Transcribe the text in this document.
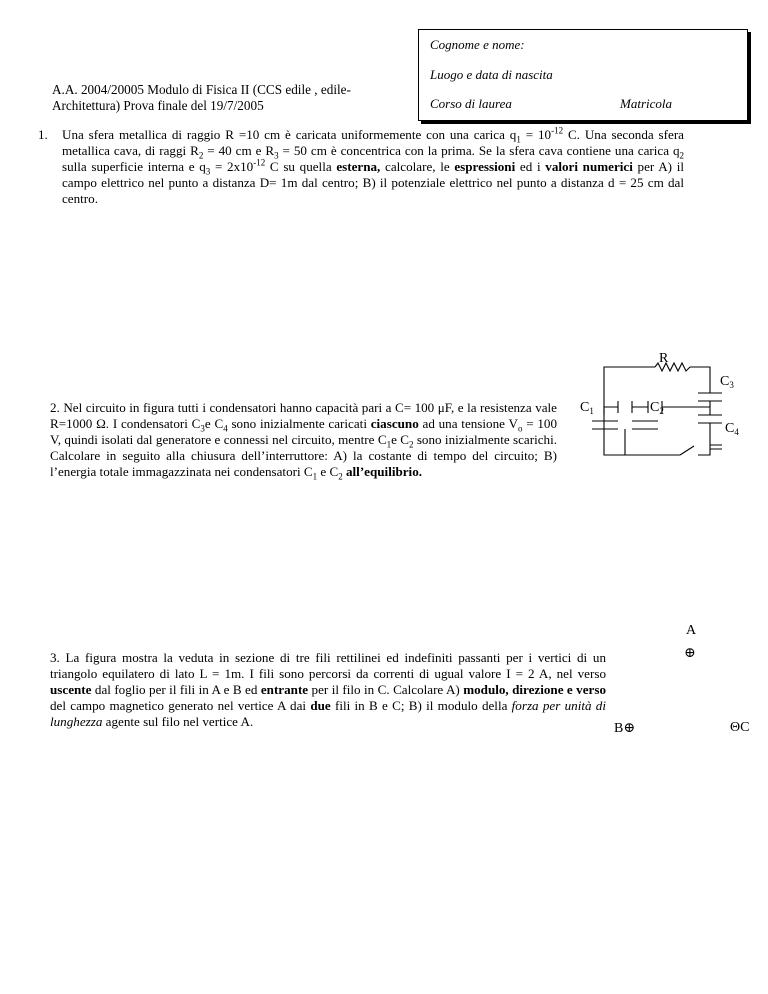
Cognome e nome:
Luogo e data di nascita
Corso di laurea	Matricola
A.A. 2004/20005 Modulo di Fisica II (CCS edile , edile-
Architettura) Prova finale del 19/7/2005
1. Una sfera metallica di raggio R =10 cm è caricata uniformemente con una carica $q_1 = 10^{-12}$ C. Una seconda sfera metallica cava, di raggi $R_2 = 40$ cm e $R_3 = 50$ cm è concentrica con la prima. Se la sfera cava contiene una carica $q_2$ sulla superficie interna e $q_3 = 2x10^{-12}$ C su quella esterna, calcolare, le espressioni ed i valori numerici per A) il campo elettrico nel punto a distanza D= 1m dal centro; B) il potenziale elettrico nel punto a distanza d = 25 cm dal centro.
2. Nel circuito in figura tutti i condensatori hanno capacità pari a C= 100 μF, e la resistenza vale R=1000 Ω. I condensatori $C_3e$ $C_4$ sono inizialmente caricati ciascuno ad una tensione $V_o = 100$ V, quindi isolati dal generatore e connessi nel circuito, mentre $C_1e$ $C_2$ sono inizialmente scarichi. Calcolare in seguito alla chiusura dell’interruttore: A) la costante di tempo del circuito; B) l’energia totale immagazzinata nei condensatori $C_1$ e $C_2$ all’equilibrio.
R
$C_1$	$C_2$
$C_3$
$C_4$
3. La figura mostra la veduta in sezione di tre fili rettilinei ed indefiniti passanti per i vertici di un triangolo equilatero di lato L = 1m. I fili sono percorsi da correnti di ugual valore I = 2 A, nel verso uscente dal foglio per il fili in A e B ed entrante per il filo in C. Calcolare A) modulo, direzione e verso del campo magnetico generato nel vertice A dai due fili in B e C; B) il modulo della forza per unità di lunghezza agente sul filo nel vertice A.
A
⊕
B⊕	ΘC
